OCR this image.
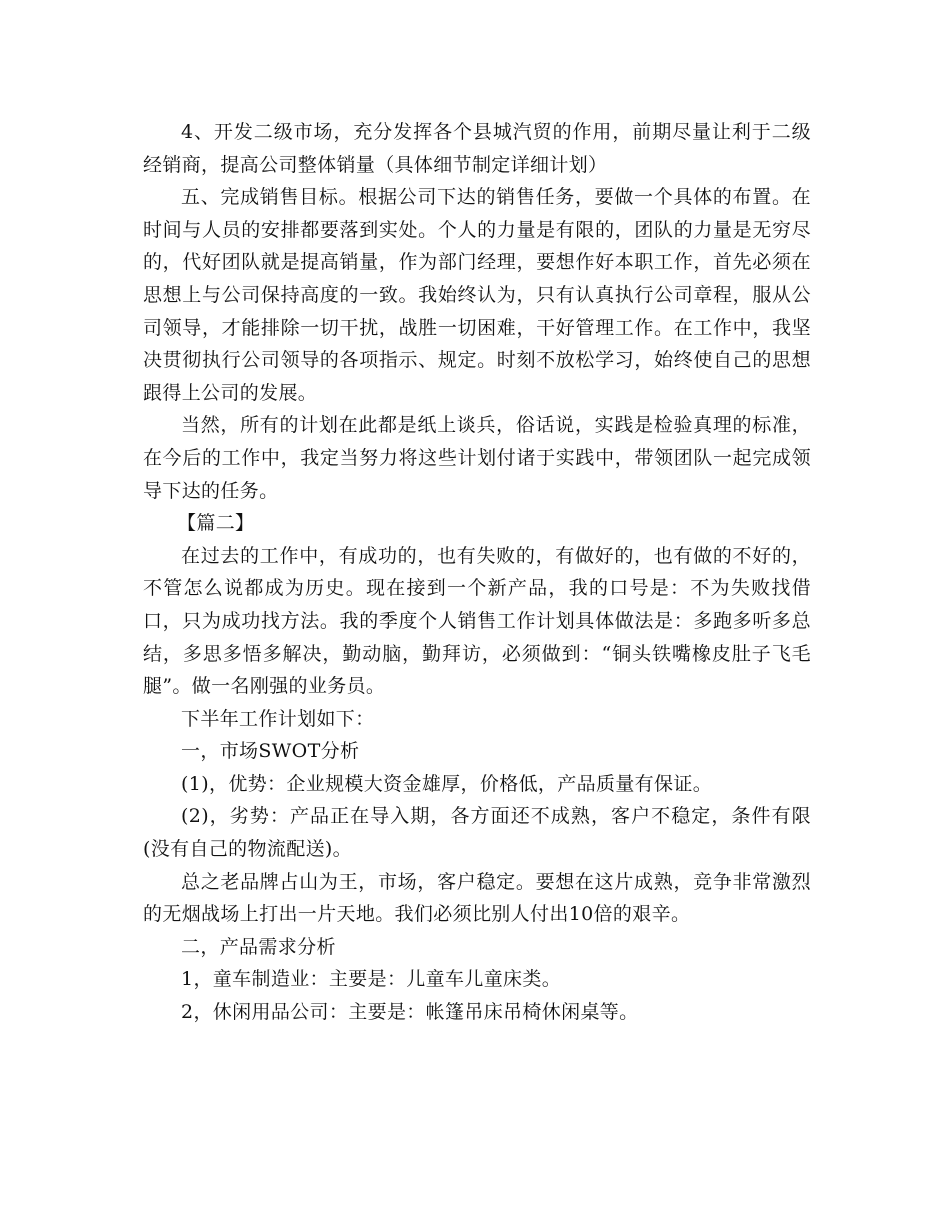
4、开发二级市场，充分发挥各个县城汽贸的作用，前期尽量让利于二级经销商，提高公司整体销量（具体细节制定详细计划）

五、完成销售目标。根据公司下达的销售任务，要做一个具体的布置。在时间与人员的安排都要落到实处。个人的力量是有限的，团队的力量是无穷尽的，代好团队就是提高销量，作为部门经理，要想作好本职工作，首先必须在思想上与公司保持高度的一致。我始终认为，只有认真执行公司章程，服从公司领导，才能排除一切干扰，战胜一切困难，干好管理工作。在工作中，我坚决贯彻执行公司领导的各项指示、规定。时刻不放松学习，始终使自己的思想跟得上公司的发展。

当然，所有的计划在此都是纸上谈兵，俗话说，实践是检验真理的标准，在今后的工作中，我定当努力将这些计划付诸于实践中，带领团队一起完成领导下达的任务。

【篇二】

在过去的工作中，有成功的，也有失败的，有做好的，也有做的不好的，不管怎么说都成为历史。现在接到一个新产品，我的口号是：不为失败找借口，只为成功找方法。我的季度个人销售工作计划具体做法是：多跑多听多总结，多思多悟多解决，勤动脑，勤拜访，必须做到：“铜头铁嘴橡皮肚子飞毛腿”。做一名刚强的业务员。

下半年工作计划如下：

一，市场SWOT分析

(1)，优势：企业规模大资金雄厚，价格低，产品质量有保证。

(2)，劣势：产品正在导入期，各方面还不成熟，客户不稳定，条件有限(没有自己的物流配送)。

总之老品牌占山为王，市场，客户稳定。要想在这片成熟，竞争非常激烈的无烟战场上打出一片天地。我们必须比别人付出10倍的艰辛。

二，产品需求分析

1，童车制造业：主要是：儿童车儿童床类。

2，休闲用品公司：主要是：帐篷吊床吊椅休闲桌等。
